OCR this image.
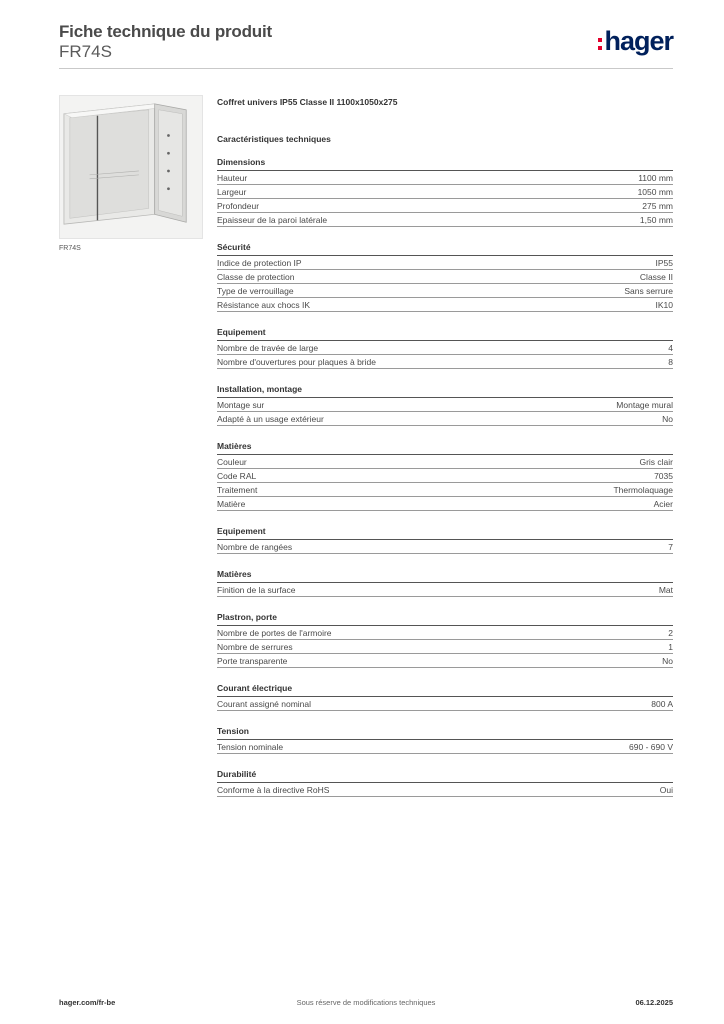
Fiche technique du produit
FR74S	hager
FR74S
Coffret univers IP55 Classe II 1100x1050x275
Caractéristiques techniques
Dimensions
Hauteur	1100 mm
Largeur	1050 mm
Profondeur	275 mm
Epaisseur de la paroi latérale	1,50 mm
Sécurité
Indice de protection IP	IP55
Classe de protection	Classe II
Type de verrouillage	Sans serrure
Résistance aux chocs IK	IK10
Equipement
Nombre de travée de large	4
Nombre d'ouvertures pour plaques à bride	8
Installation, montage
Montage sur	Montage mural
Adapté à un usage extérieur	No
Matières
Couleur	Gris clair
Code RAL	7035
Traitement	Thermolaquage
Matière	Acier
Equipement
Nombre de rangées	7
Matières
Finition de la surface	Mat
Plastron, porte
Nombre de portes de l'armoire	2
Nombre de serrures	1
Porte transparente	No
Courant électrique
Courant assigné nominal	800 A
Tension
Tension nominale	690 - 690 V
Durabilité
Conforme à la directive RoHS	Oui
hager.com/fr-be	Sous réserve de modifications techniques	06.12.2025
